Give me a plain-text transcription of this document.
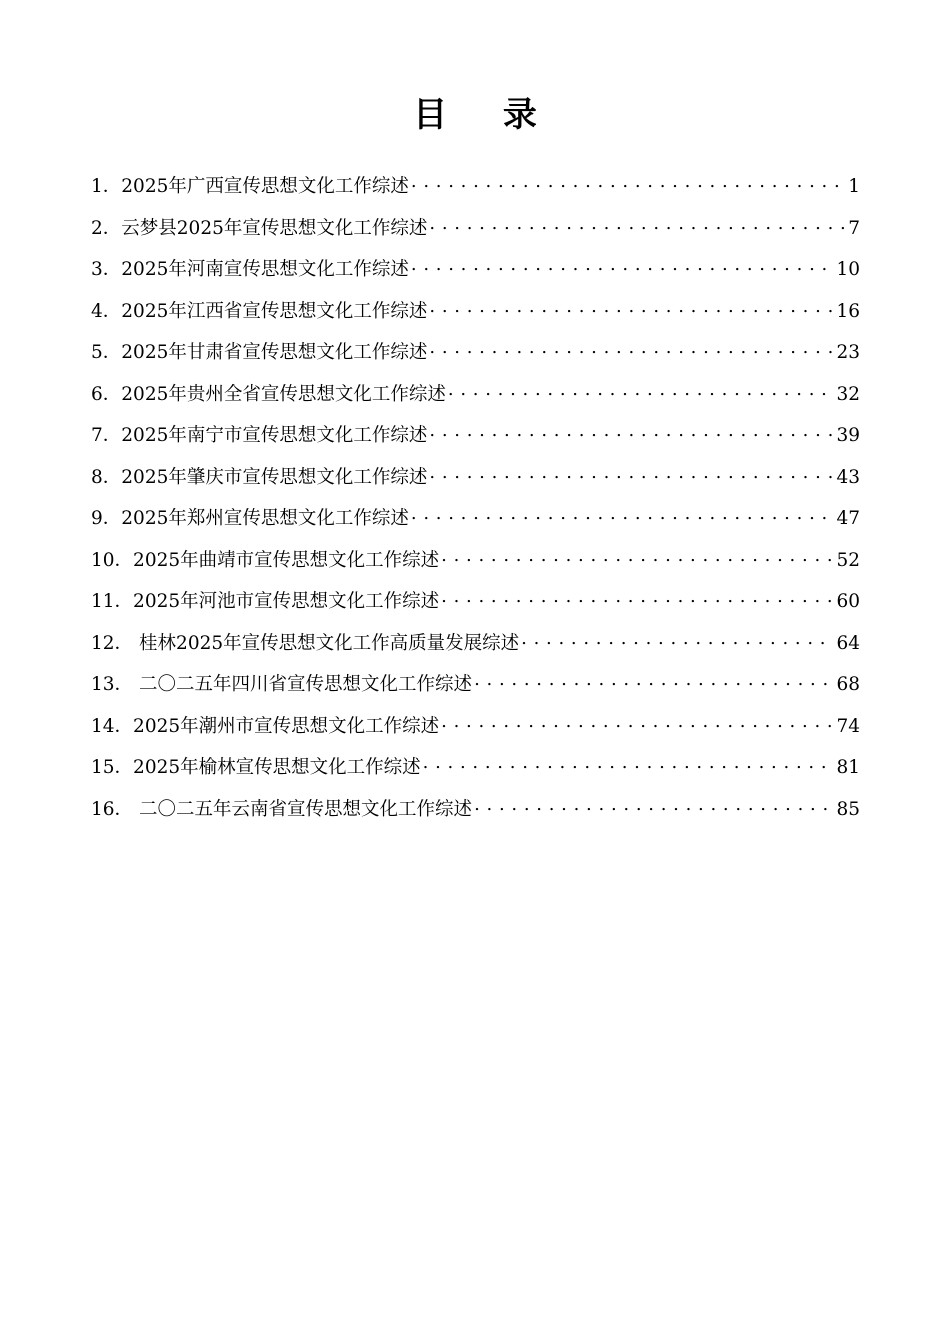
目 录
1． 2025年广西宣传思想文化工作综述 . . .	1
2． 云梦县2025年宣传思想文化工作综述 . . .	7
3． 2025年河南宣传思想文化工作综述 . . .	10
4． 2025年江西省宣传思想文化工作综述 . . .	16
5． 2025年甘肃省宣传思想文化工作综述 . . .	23
6． 2025年贵州全省宣传思想文化工作综述 . . .	32
7． 2025年南宁市宣传思想文化工作综述 . . .	39
8． 2025年肇庆市宣传思想文化工作综述 . . .	43
9． 2025年郑州宣传思想文化工作综述 . . .	47
10． 2025年曲靖市宣传思想文化工作综述 . . .	52
11． 2025年河池市宣传思想文化工作综述 . . .	60
12． 桂林2025年宣传思想文化工作高质量发展综述 . . .	64
13． 二〇二五年四川省宣传思想文化工作综述 . . .	68
14． 2025年潮州市宣传思想文化工作综述 . . .	74
15． 2025年榆林宣传思想文化工作综述 . . .	81
16． 二〇二五年云南省宣传思想文化工作综述 . . .	85
